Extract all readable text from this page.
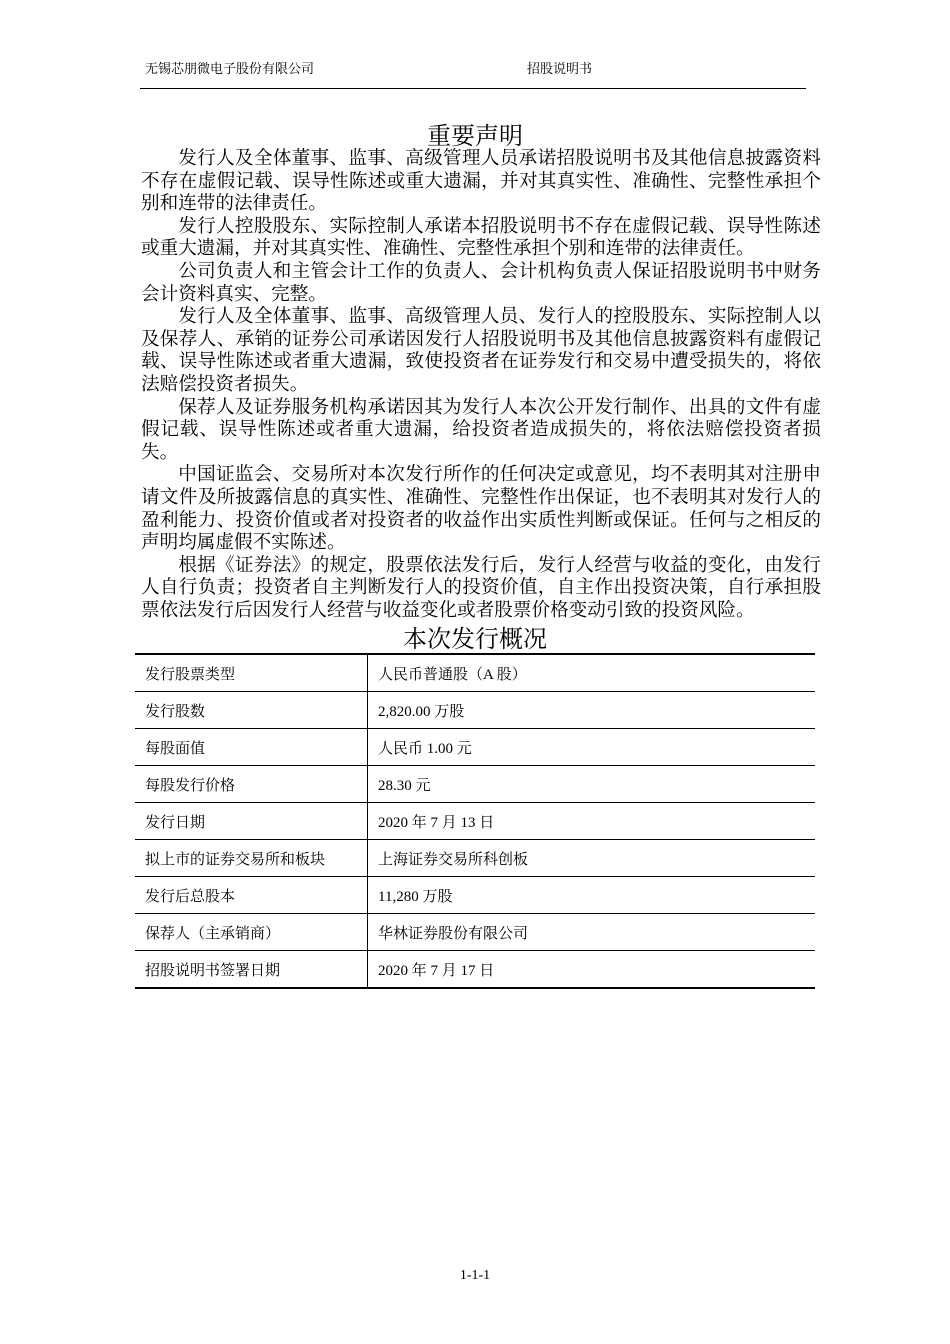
无锡芯朋微电子股份有限公司	招股说明书
重要声明

发行人及全体董事、监事、高级管理人员承诺招股说明书及其他信息披露资料不存在虚假记载、误导性陈述或重大遗漏，并对其真实性、准确性、完整性承担个别和连带的法律责任。

发行人控股股东、实际控制人承诺本招股说明书不存在虚假记载、误导性陈述或重大遗漏，并对其真实性、准确性、完整性承担个别和连带的法律责任。

公司负责人和主管会计工作的负责人、会计机构负责人保证招股说明书中财务会计资料真实、完整。

发行人及全体董事、监事、高级管理人员、发行人的控股股东、实际控制人以及保荐人、承销的证券公司承诺因发行人招股说明书及其他信息披露资料有虚假记载、误导性陈述或者重大遗漏，致使投资者在证券发行和交易中遭受损失的，将依法赔偿投资者损失。

保荐人及证券服务机构承诺因其为发行人本次公开发行制作、出具的文件有虚假记载、误导性陈述或者重大遗漏，给投资者造成损失的，将依法赔偿投资者损失。

中国证监会、交易所对本次发行所作的任何决定或意见，均不表明其对注册申请文件及所披露信息的真实性、准确性、完整性作出保证，也不表明其对发行人的盈利能力、投资价值或者对投资者的收益作出实质性判断或保证。任何与之相反的声明均属虚假不实陈述。

根据《证券法》的规定，股票依法发行后，发行人经营与收益的变化，由发行人自行负责；投资者自主判断发行人的投资价值，自主作出投资决策，自行承担股票依法发行后因发行人经营与收益变化或者股票价格变动引致的投资风险。

本次发行概况
发行股票类型	人民币普通股（A 股）
发行股数	2,820.00 万股
每股面值	人民币 1.00 元
每股发行价格	28.30 元
发行日期	2020 年 7 月 13 日
拟上市的证券交易所和板块	上海证券交易所科创板
发行后总股本	11,280 万股
保荐人（主承销商）	华林证券股份有限公司
招股说明书签署日期	2020 年 7 月 17 日
1-1-1
